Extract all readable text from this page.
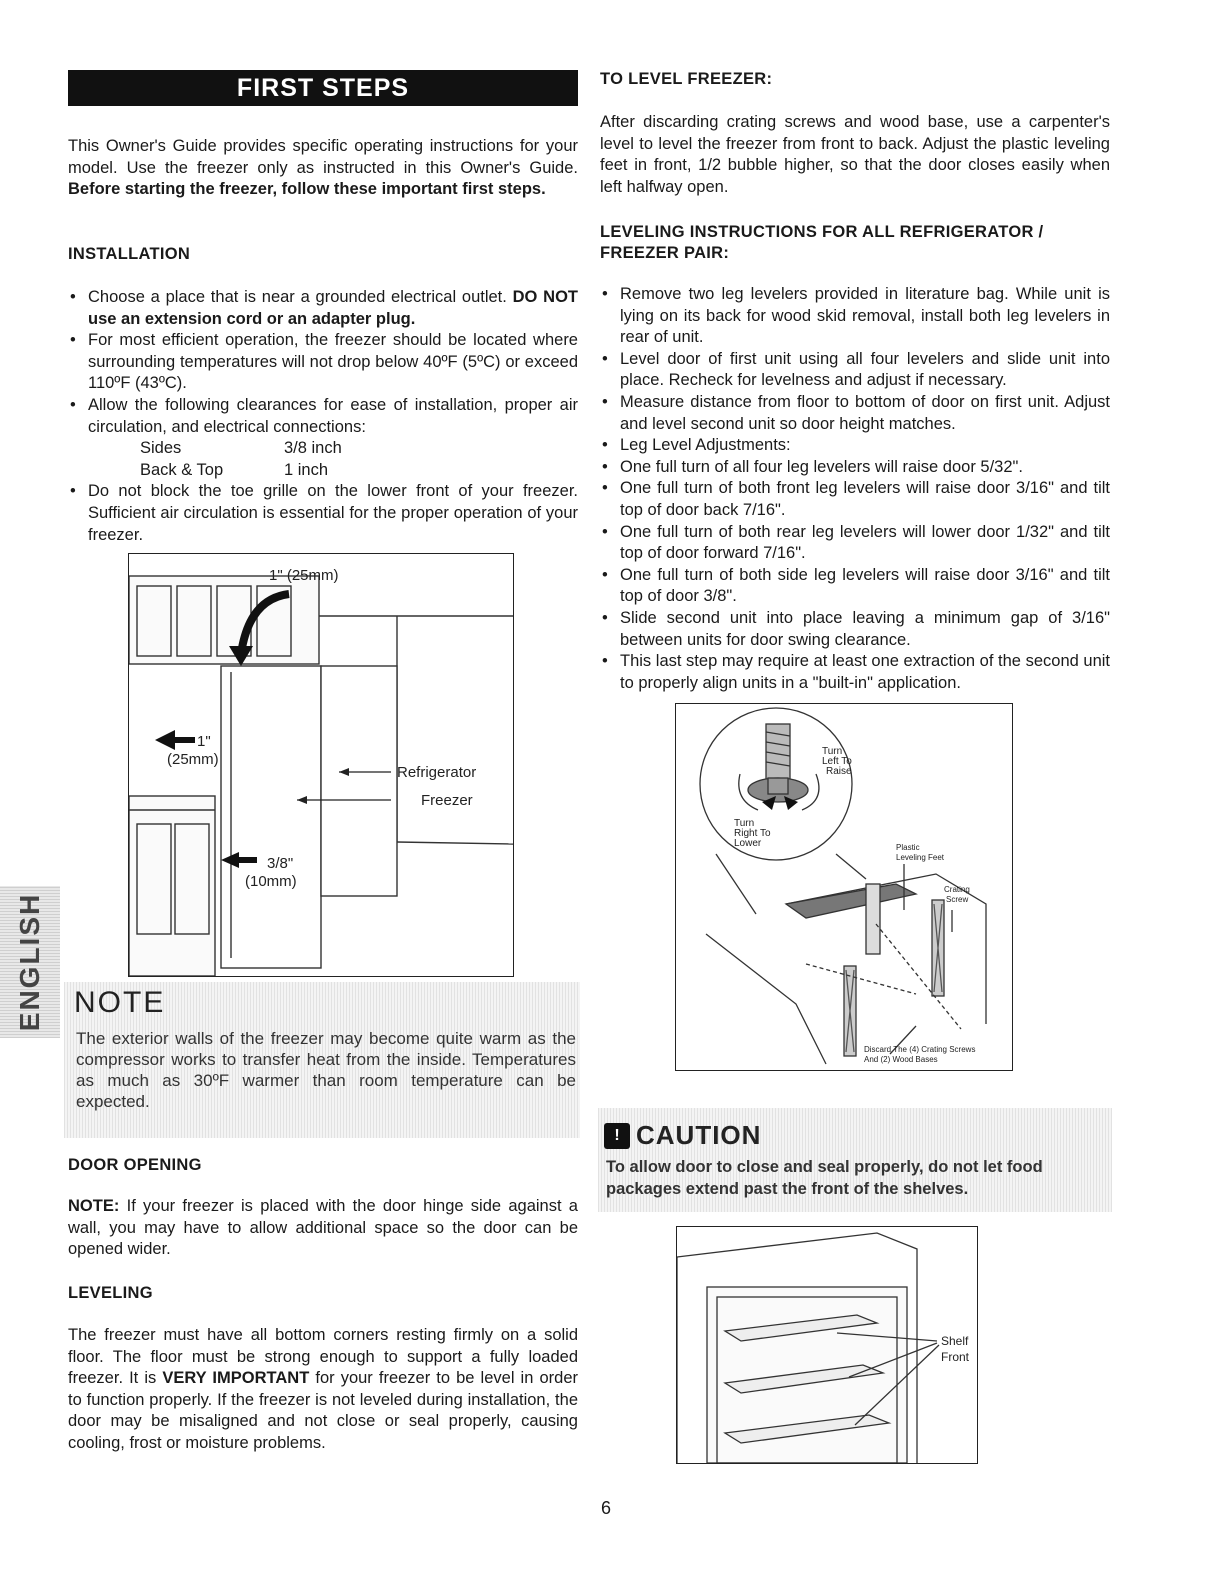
FIRST STEPS

This Owner's Guide provides specific operating instructions for your model. Use the freezer only as instructed in this Owner's Guide. Before starting the freezer, follow these important first steps.

INSTALLATION

• Choose a place that is near a grounded electrical outlet. DO NOT use an extension cord or an adapter plug.
• For most efficient operation, the freezer should be located where surrounding temperatures will not drop below 40ºF (5ºC) or exceed 110ºF (43ºC).
• Allow the following clearances for ease of installation, proper air circulation, and electrical connections:
Sides	3/8 inch
Back & Top	1 inch
• Do not block the toe grille on the lower front of your freezer. Sufficient air circulation is essential for the proper operation of your freezer.
1" (25mm)
1"
(25mm)
Refrigerator
Freezer
3/8"
(10mm)
ENGLISH NOTE
The exterior walls of the freezer may become quite warm as the compressor works to transfer heat from the inside. Temperatures as much as 30ºF warmer than room temperature can be expected.

DOOR OPENING

NOTE: If your freezer is placed with the door hinge side against a wall, you may have to allow additional space so the door can be opened wider.

LEVELING

The freezer must have all bottom corners resting firmly on a solid floor. The floor must be strong enough to support a fully loaded freezer. It is VERY IMPORTANT for your freezer to be level in order to function properly. If the freezer is not leveled during installation, the door may be misaligned and not close or seal properly, causing cooling, frost or moisture problems.

TO LEVEL FREEZER:

After discarding crating screws and wood base, use a carpenter's level to level the freezer from front to back. Adjust the plastic leveling feet in front, 1/2 bubble higher, so that the door closes easily when left halfway open.

LEVELING INSTRUCTIONS FOR ALL REFRIGERATOR / FREEZER PAIR:

• Remove two leg levelers provided in literature bag. While unit is lying on its back for wood skid removal, install both leg levelers in rear of unit.
• Level door of first unit using all four levelers and slide unit into place. Recheck for levelness and adjust if necessary.
• Measure distance from floor to bottom of door on first unit. Adjust and level second unit so door height matches.
• Leg Level Adjustments:
• One full turn of all four leg levelers will raise door 5/32".
• One full turn of both front leg levelers will raise door 3/16" and tilt top of door back 7/16".
• One full turn of both rear leg levelers will lower door 1/32" and tilt top of door forward 7/16".
• One full turn of both side leg levelers will raise door 3/16" and tilt top of door 3/8".
• Slide second unit into place leaving a minimum gap of 3/16" between units for door swing clearance.
• This last step may require at least one extraction of the second unit to properly align units in a "built-in" application.
Turn
Left To
Raise
Turn
Right To
Lower	Plastic
Leveling Feet
Crating
Screw
Discard The (4) Crating Screws
And (2) Wood Bases
! CAUTION
To allow door to close and seal properly, do not let food packages extend past the front of the shelves.
Shelf
Front
6
